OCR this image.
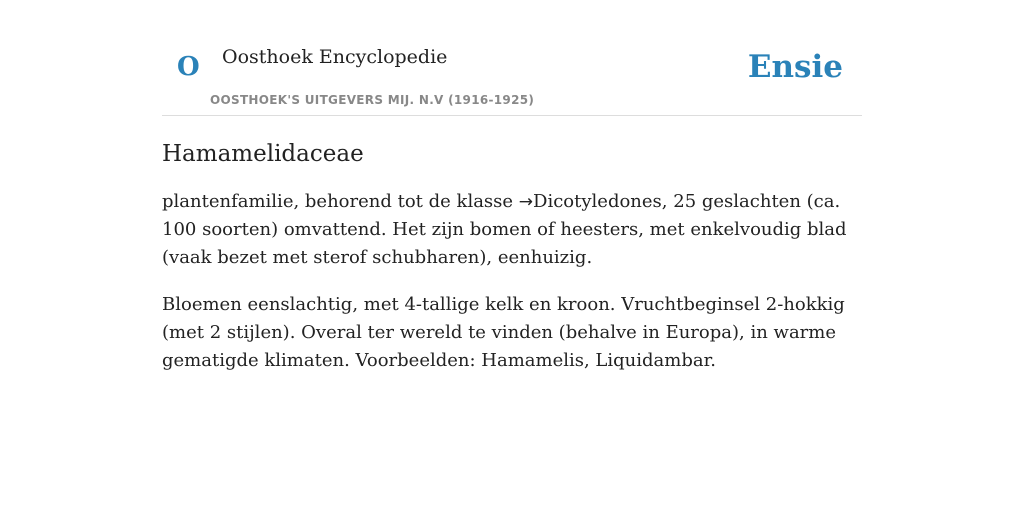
O Oosthoek Encyclopedie
OOSTHOEK'S UITGEVERS MIJ. N.V (1916-1925)
Ensie
Hamamelidaceae

plantenfamilie, behorend tot de klasse →Dicotyledones, 25 geslachten (ca. 100 soorten) omvattend. Het zijn bomen of heesters, met enkelvoudig blad (vaak bezet met sterof schubharen), eenhuizig.

Bloemen eenslachtig, met 4-tallige kelk en kroon. Vruchtbeginsel 2-hokkig (met 2 stijlen). Overal ter wereld te vinden (behalve in Europa), in warme gematigde klimaten. Voorbeelden: Hamamelis, Liquidambar.
